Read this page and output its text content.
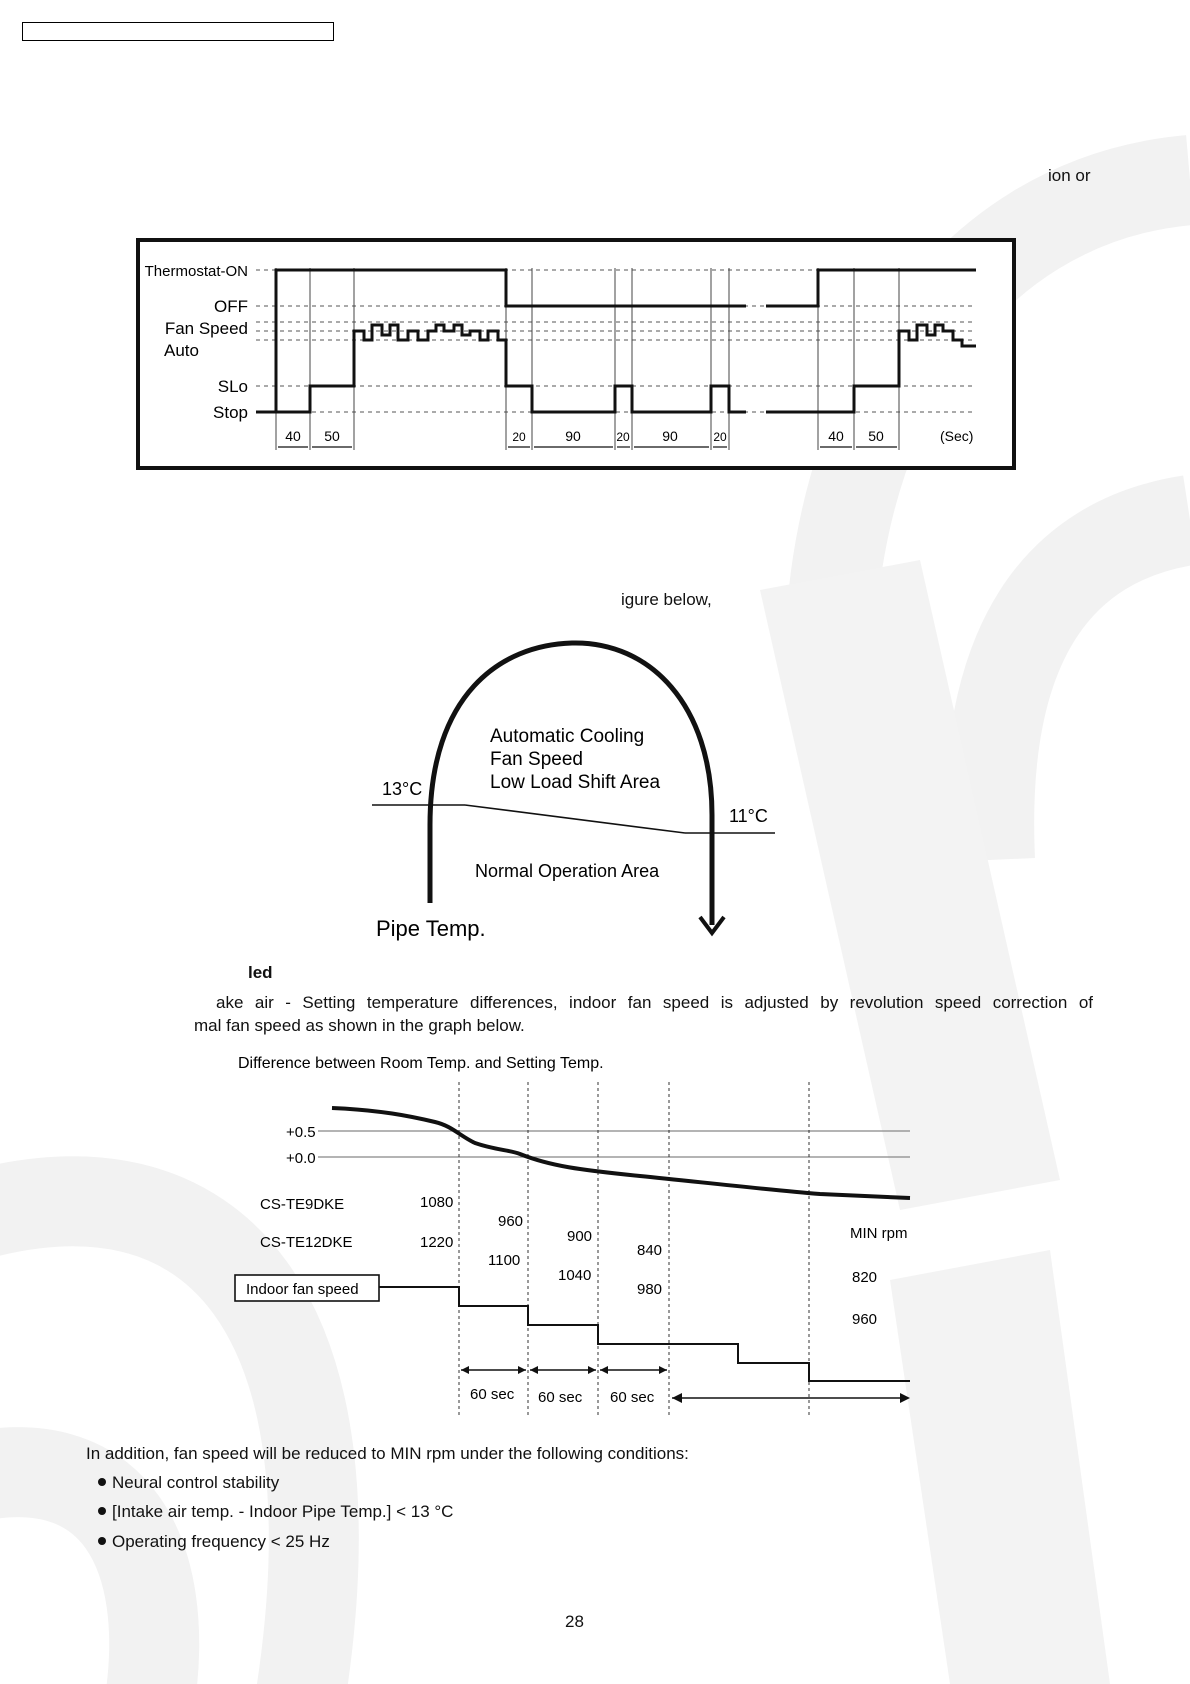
ion or
Thermostat-ON
OFF
Fan Speed
Auto
SLo
Stop
40 50	20	90	20 90	20	40 50	(Sec)
igure below,
Automatic Cooling
Fan Speed
Low Load Shift Area
13°C
11°C
Normal Operation Area
Pipe Temp.
led
ake air - Setting temperature differences, indoor fan speed is adjusted by revolution speed correction of
mal fan speed as shown in the graph below.
Difference between Room Temp. and Setting Temp.
+0.5
+0.0
CS-TE9DKE
CS-TE12DKE
1080
960
900
840
1220
1100
1040
980
MIN rpm
820
960
Indoor fan speed
60 sec 60 sec 60 sec
In addition, fan speed will be reduced to MIN rpm under the following conditions:
Neural control stability
[Intake air temp. - Indoor Pipe Temp.] < 13 °C
Operating frequency < 25 Hz
28
